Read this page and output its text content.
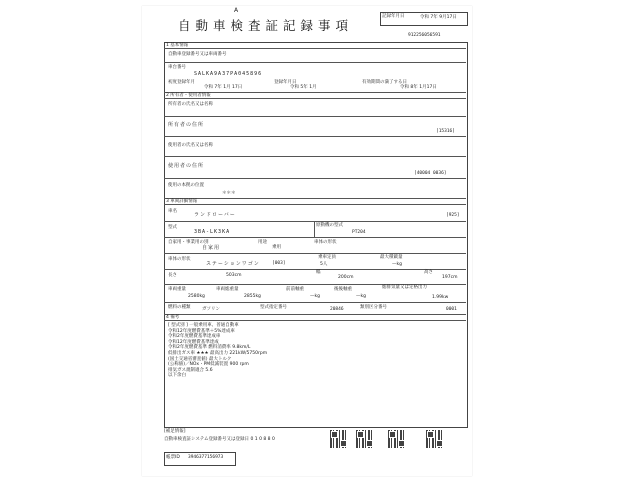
A
自動車検査証記録事項
記録年月日	令和 7年 9月17日
912256056591
1 基本情報
自動車登録番号又は車両番号
車台番号
SALKA9A37PA045896
初度登録年月
令和 7年 1月 17日
登録年月日
令和 5年 1月
有効期間の満了する日
令和 8年 1月17日
2 所有者・使用者情報
所有者の氏名又は名称
所有者の住所
[15316]
使用者の氏名又は名称
使用者の住所
[40004 0036]
使用の本拠の位置
＊＊＊
3 車両詳細情報
車名
ランドローバー	[925]
型式
3BA-LK3KA
原動機の型式
PT204
自家用・事業用の別
自家用
用途
乗用
車体の形状
車体の形状
ステーションワゴン	[003]
乗車定員
5人
最大積載量
—kg
長さ	503cm
幅
200cm
高さ
197cm
車両重量
2580kg
車両総重量
2855kg
前前軸重
—kg
後後軸重
—kg
総排気量又は定格出力
1.99kw
燃料の種類	ガソリン	型式指定番号	20846	類別区分番号	0001
4 備考
[ 型式別 ] 一般乗用車、普通自動車
令和12年度燃費基準＋5%達成車
令和2年度燃費基準達成車
令和12年度燃費基準達成
令和2年度燃費基準 燃料消費率 9.8km/L
低排出ガス車 ★★★ 最高出力 221kW/5750rpm
(国土交通省審査値) 最大トルク
(公称値)／NOx・PM低減装置 900 rpm
排気ガス規制適合 5.6
以下余白
[補足情報]
自動車検査証システム登録番号又は登録日 0 1 0 8 8 0
帳票ID 3946377156973
